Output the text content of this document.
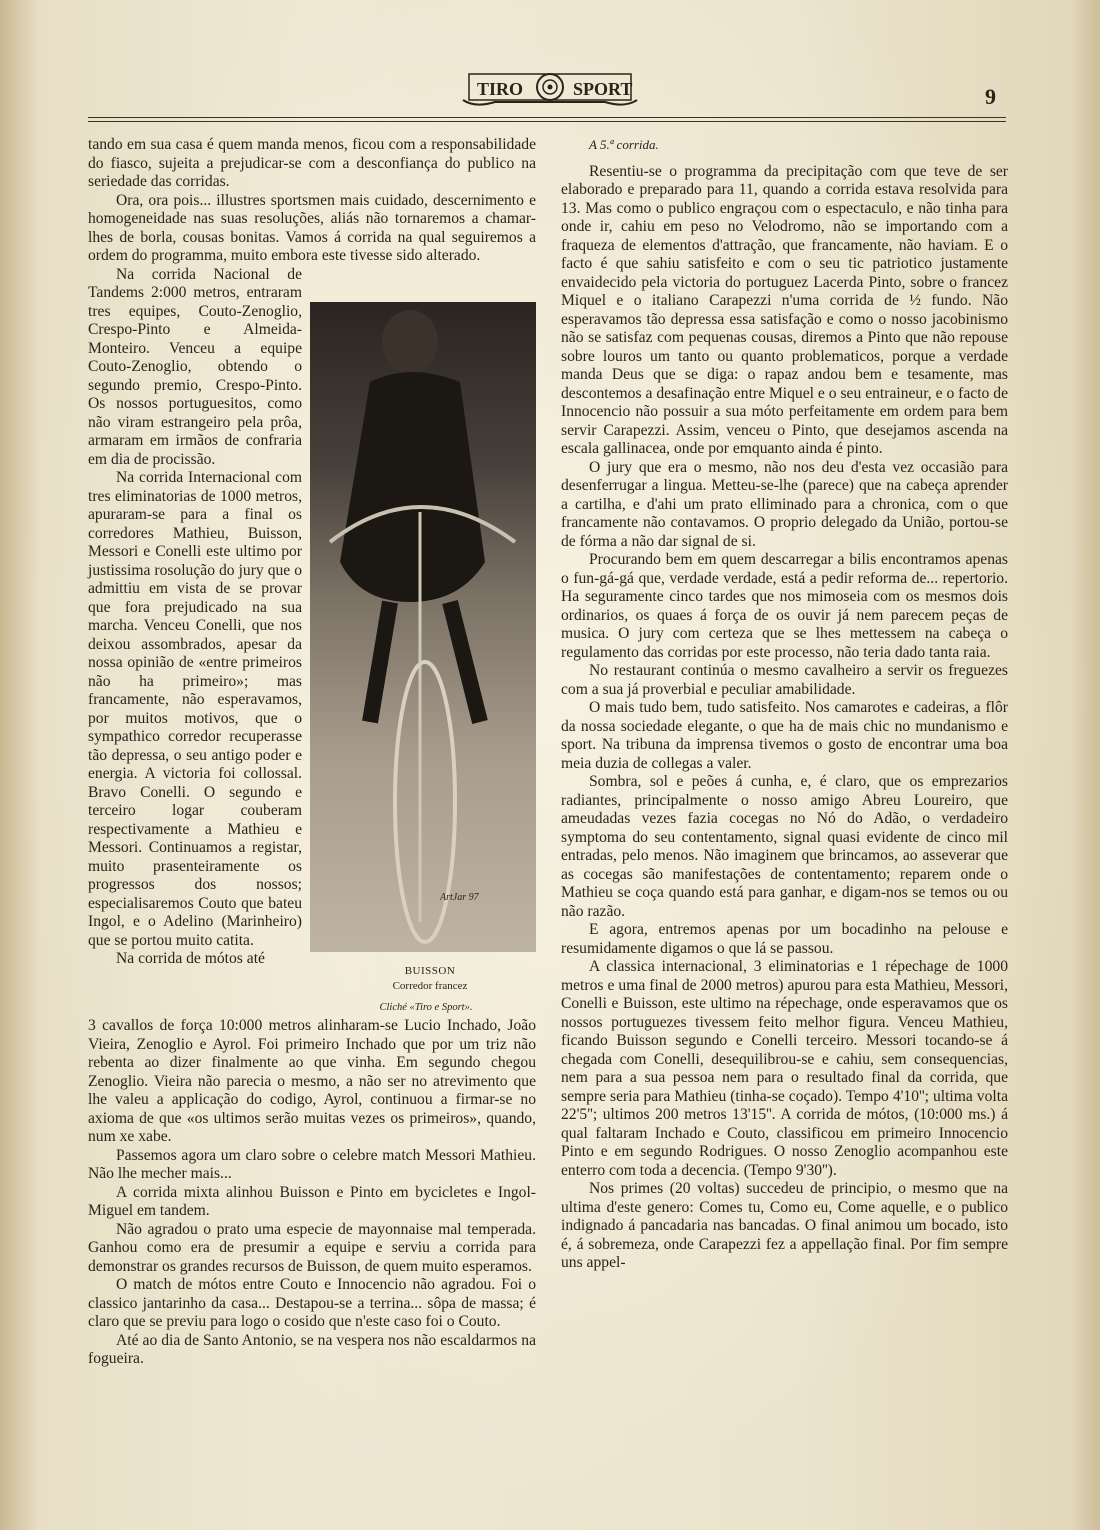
TIRO	SPORT	9

tando em sua casa é quem manda menos, ficou com a responsabilidade do fiasco, sujeita a prejudicar-se com a desconfiança do publico na seriedade das corridas.

Ora, ora pois... illustres sportsmen mais cuidado, descernimento e homogeneidade nas suas resoluções, aliás não tornaremos a chamar-lhes de borla, cousas bonitas. Vamos á corrida na qual seguiremos a ordem do programma, muito embora este tivesse sido alterado.

Na corrida Nacional de Tandems 2:000 metros, entraram tres equipes, Couto-Zenoglio, Crespo-Pinto e Almeida-Monteiro. Venceu a equipe Couto-Zenoglio, obtendo o segundo premio, Crespo-Pinto. Os nossos portuguesitos, como não viram estrangeiro pela prôa, armaram em irmãos de confraria em dia de procissão.

Na corrida Internacional com tres eliminatorias de 1000 metros, apuraram-se para a final os corredores Mathieu, Buisson, Messori e Conelli este ultimo por justissima rosolução do jury que o admittiu em vista de se provar que fora prejudicado na sua marcha. Venceu Conelli, que nos deixou assombrados, apesar da nossa opinião de «entre primeiros não ha primeiro»; mas francamente, não esperavamos, por muitos motivos, que o sympathico corredor recuperasse tão depressa, o seu antigo poder e energia. A victoria foi collossal. Bravo Conelli. O segundo e terceiro logar couberam respectivamente a Mathieu e Messori. Continuamos a registar, muito prasenteiramente os progressos dos nossos; especialisaremos Couto que bateu Ingol, e o Adelino (Marinheiro) que se portou muito catita.

Na corrida de mótos até

ArtJar 97
BUISSON
Corredor francez
Cliché «Tiro e Sport».

3 cavallos de força 10:000 metros alinharam-se Lucio Inchado, João Vieira, Zenoglio e Ayrol. Foi primeiro Inchado que por um triz não rebenta ao dizer finalmente ao que vinha. Em segundo chegou Zenoglio. Vieira não parecia o mesmo, a não ser no atrevimento que lhe valeu a applicação do codigo, Ayrol, continuou a firmar-se no axioma de que «os ultimos serão muitas vezes os primeiros», quando, num xe xabe.

Passemos agora um claro sobre o celebre match Messori Mathieu. Não lhe mecher mais...

A corrida mixta alinhou Buisson e Pinto em bycicletes e Ingol-Miguel em tandem.

Não agradou o prato uma especie de mayonnaise mal temperada. Ganhou como era de presumir a equipe e serviu a corrida para demonstrar os grandes recursos de Buisson, de quem muito esperamos.

O match de mótos entre Couto e Innocencio não agradou. Foi o classico jantarinho da casa... Destapou-se a terrina... sôpa de massa; é claro que se previu para logo o cosido que n'este caso foi o Couto.

Até ao dia de Santo Antonio, se na vespera nos não escaldarmos na fogueira.

A 5.ª corrida.

Resentiu-se o programma da precipitação com que teve de ser elaborado e preparado para 11, quando a corrida estava resolvida para 13. Mas como o publico engraçou com o espectaculo, e não tinha para onde ir, cahiu em peso no Velodromo, não se importando com a fraqueza de elementos d'attração, que francamente, não haviam. E o facto é que sahiu satisfeito e com o seu tic patriotico justamente envaidecido pela victoria do portuguez Lacerda Pinto, sobre o francez Miquel e o italiano Carapezzi n'uma corrida de ½ fundo. Não esperavamos tão depressa essa satisfação e como o nosso jacobinismo não se satisfaz com pequenas cousas, diremos a Pinto que não repouse sobre louros um tanto ou quanto problematicos, porque a verdade manda Deus que se diga: o rapaz andou bem e tesamente, mas descontemos a desafinação entre Miquel e o seu entraineur, e o facto de Innocencio não possuir a sua móto perfeitamente em ordem para bem servir Carapezzi. Assim, venceu o Pinto, que desejamos ascenda na escala gallinacea, onde por emquanto ainda é pinto.

O jury que era o mesmo, não nos deu d'esta vez occasião para desenferrugar a lingua. Metteu-se-lhe (parece) que na cabeça aprender a cartilha, e d'ahi um prato elliminado para a chronica, com o que francamente não contavamos. O proprio delegado da União, portou-se de fórma a não dar signal de si.

Procurando bem em quem descarregar a bilis encontramos apenas o fun-gá-gá que, verdade verdade, está a pedir reforma de... repertorio. Ha seguramente cinco tardes que nos mimoseia com os mesmos dois ordinarios, os quaes á força de os ouvir já nem parecem peças de musica. O jury com certeza que se lhes mettessem na cabeça o regulamento das corridas por este processo, não teria dado tanta raia.

No restaurant continúa o mesmo cavalheiro a servir os freguezes com a sua já proverbial e peculiar amabilidade.

O mais tudo bem, tudo satisfeito. Nos camarotes e cadeiras, a flôr da nossa sociedade elegante, o que ha de mais chic no mundanismo e sport. Na tribuna da imprensa tivemos o gosto de encontrar uma boa meia duzia de collegas a valer.

Sombra, sol e peões á cunha, e, é claro, que os emprezarios radiantes, principalmente o nosso amigo Abreu Loureiro, que ameudadas vezes fazia cocegas no Nó do Adão, o verdadeiro symptoma do seu contentamento, signal quasi evidente de cinco mil entradas, pelo menos. Não imaginem que brincamos, ao asseverar que as cocegas são manifestações de contentamento; reparem onde o Mathieu se coça quando está para ganhar, e digam-nos se temos ou ou não razão.

E agora, entremos apenas por um bocadinho na pelouse e resumidamente digamos o que lá se passou.

A classica internacional, 3 eliminatorias e 1 répechage de 1000 metros e uma final de 2000 metros) apurou para esta Mathieu, Messori, Conelli e Buisson, este ultimo na répechage, onde esperavamos que os nossos portuguezes tivessem feito melhor figura. Venceu Mathieu, ficando Buisson segundo e Conelli terceiro. Messori tocando-se á chegada com Conelli, desequilibrou-se e cahiu, sem consequencias, nem para a sua pessoa nem para o resultado final da corrida, que sempre seria para Mathieu (tinha-se coçado). Tempo 4'10''; ultima volta 22'5''; ultimos 200 metros 13'15''. A corrida de mótos, (10:000 ms.) á qual faltaram Inchado e Couto, classificou em primeiro Innocencio Pinto e em segundo Rodrigues. O nosso Zenoglio acompanhou este enterro com toda a decencia. (Tempo 9'30'').

Nos primes (20 voltas) succedeu de principio, o mesmo que na ultima d'este genero: Comes tu, Como eu, Come aquelle, e o publico indignado á pancadaria nas bancadas. O final animou um bocado, isto é, á sobremeza, onde Carapezzi fez a appellação final. Por fim sempre uns appel-
